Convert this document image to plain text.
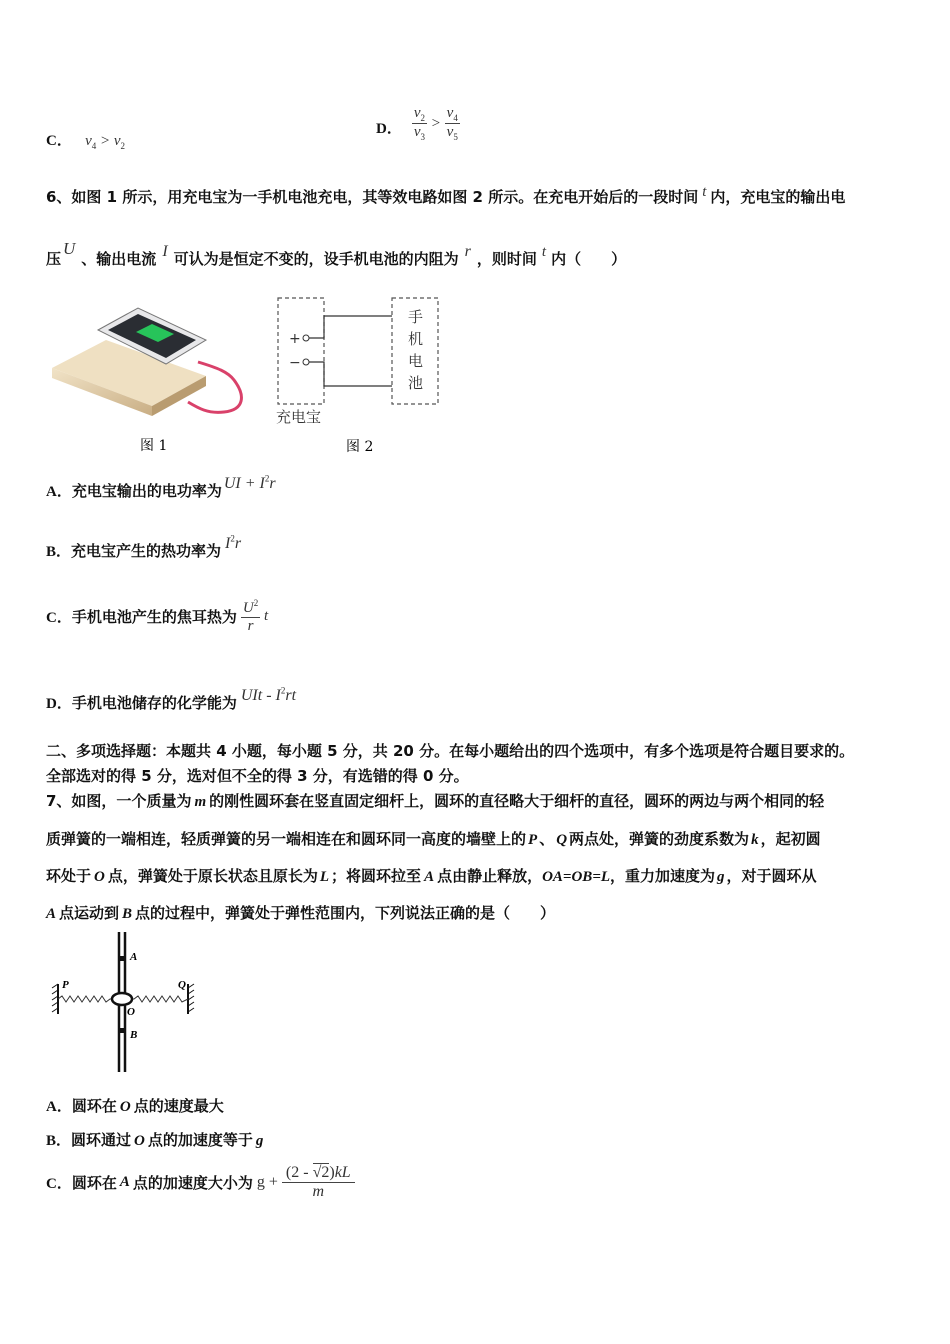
C． $v_4 > v_2$
D． $\frac{v_2}{v_3} > \frac{v_4}{v_5}$
6、如图 1 所示，用充电宝为一手机电池充电，其等效电路如图 2 所示。在充电开始后的一段时间 t 内，充电宝的输出电
压U、输出电流 I 可认为是恒定不变的，设手机电池的内阻为 r ，则时间 t 内（　　）
图 1
+
−
手
机
电
池
充电宝
图 2
A．充电宝输出的电功率为 UI + $I^2r$
B．充电宝产生的热功率为 $I^2r$
C． 手机电池产生的焦耳热为 $\frac{U^2}{r}$ t
D．手机电池储存的化学能为 UIt - $I^2rt$
二、多项选择题：本题共 4 小题，每小题 5 分，共 20 分。在每小题给出的四个选项中，有多个选项是符合题目要求的。
全部选对的得 5 分，选对但不全的得 3 分，有选错的得 0 分。
7、如图，一个质量为 m 的刚性圆环套在竖直固定细杆上，圆环的直径略大于细杆的直径，圆环的两边与两个相同的轻
质弹簧的一端相连，轻质弹簧的另一端相连在和圆环同一高度的墙壁上的 P 、 Q 两点处，弹簧的劲度系数为 k ，起初圆
环处于 O 点，弹簧处于原长状态且原长为 L ；将圆环拉至 A 点由静止释放，OA=OB=L，重力加速度为 g ，对于圆环从
A 点运动到 B 点的过程中，弹簧处于弹性范围内，下列说法正确的是（　　）
A
B
P	Q
O
A．圆环在 O 点的速度最大
B．圆环通过 O 点的加速度等于 g
C． 圆环在 A 点的加速度大小为 $g + \frac{(2 - √2)kL}{m}$
